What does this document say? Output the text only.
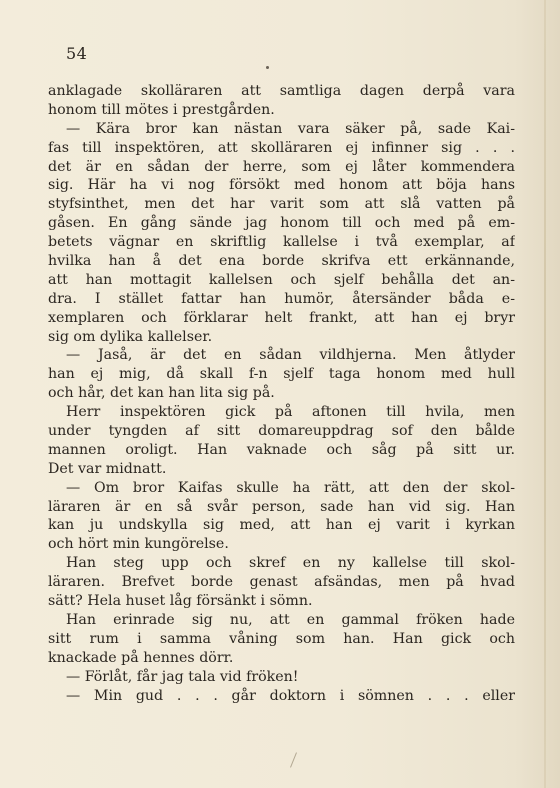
54
anklagade skolläraren att samtliga dagen derpå vara
honom till mötes i prestgården.
— Kära bror kan nästan vara säker på, sade Kai-
fas till inspektören, att skolläraren ej infinner sig . . .
det är en sådan der herre, som ej låter kommendera
sig. Här ha vi nog försökt med honom att böja hans
styfsinthet, men det har varit som att slå vatten på
gåsen. En gång sände jag honom till och med på em-
betets vägnar en skriftlig kallelse i två exemplar, af
hvilka han å det ena borde skrifva ett erkännande,
att han mottagit kallelsen och sjelf behålla det an-
dra. I stället fattar han humör, återsänder båda e-
xemplaren och förklarar helt frankt, att han ej bryr
sig om dylika kallelser.
— Jaså, är det en sådan vildhjerna. Men åtlyder
han ej mig, då skall f-n sjelf taga honom med hull
och hår, det kan han lita sig på.
Herr inspektören gick på aftonen till hvila, men
under tyngden af sitt domareuppdrag sof den bålde
mannen oroligt. Han vaknade och såg på sitt ur.
Det var midnatt.
— Om bror Kaifas skulle ha rätt, att den der skol-
läraren är en så svår person, sade han vid sig. Han
kan ju undskylla sig med, att han ej varit i kyrkan
och hört min kungörelse.
Han steg upp och skref en ny kallelse till skol-
läraren. Brefvet borde genast afsändas, men på hvad
sätt? Hela huset låg försänkt i sömn.
Han erinrade sig nu, att en gammal fröken hade
sitt rum i samma våning som han. Han gick och
knackade på hennes dörr.
— Förlåt, får jag tala vid fröken!
— Min gud . . . går doktorn i sömnen . . . eller
